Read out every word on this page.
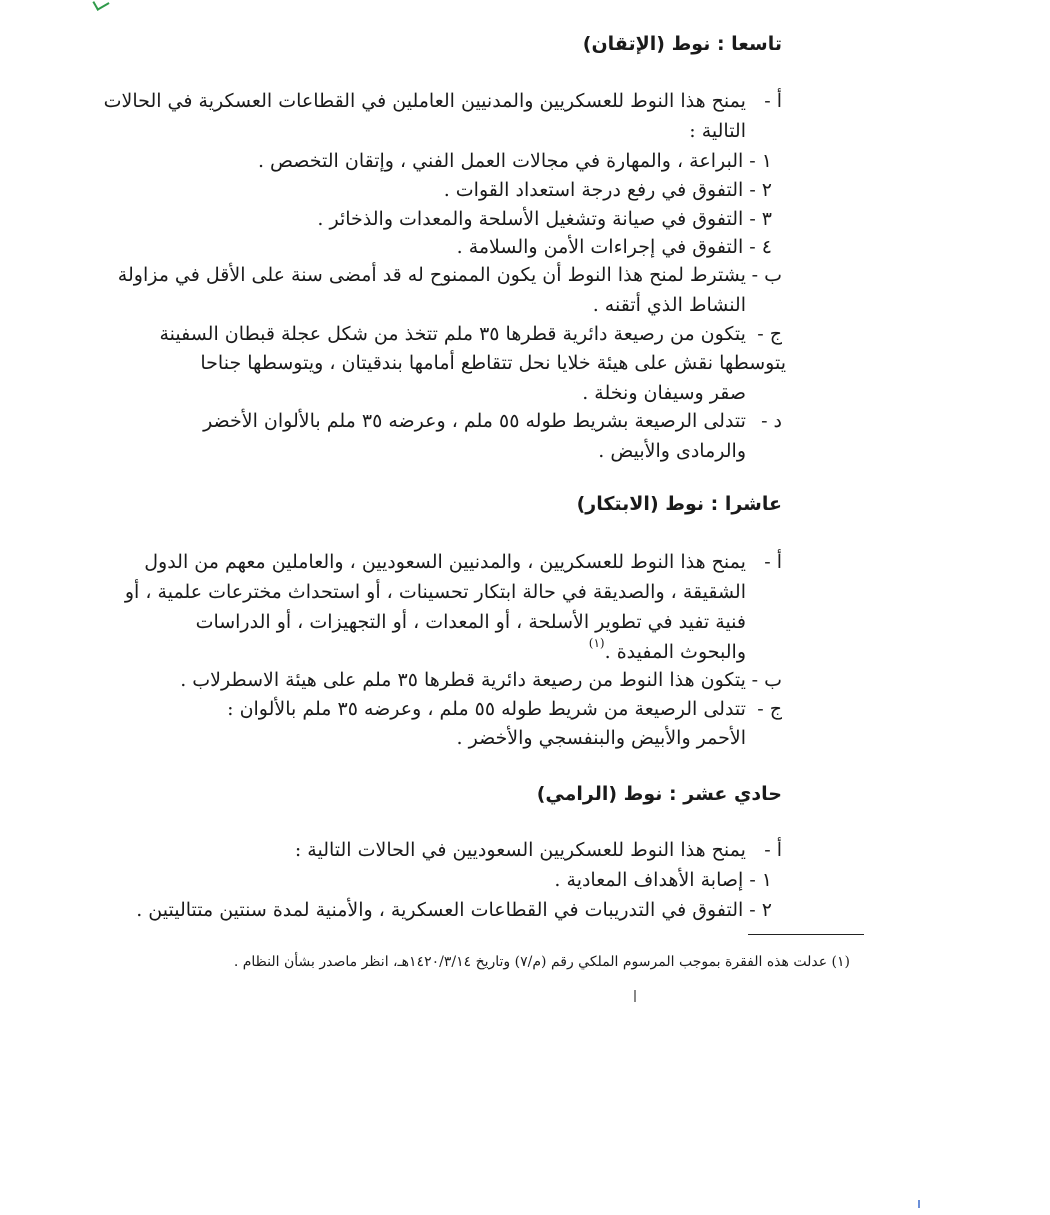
تاسعا : نوط (الإتقان)
أ - يمنح هذا النوط للعسكريين والمدنيين العاملين في القطاعات العسكرية في الحالات
التالية :
١ - البراعة ، والمهارة في مجالات العمل الفني ، وإتقان التخصص .
٢ - التفوق في رفع درجة استعداد القوات .
٣ - التفوق في صيانة وتشغيل الأسلحة والمعدات والذخائر .
٤ - التفوق في إجراءات الأمن والسلامة .
ب - يشترط لمنح هذا النوط أن يكون الممنوح له قد أمضى سنة على الأقل في مزاولة
النشاط الذي أتقنه .
ج - يتكون من رصيعة دائرية قطرها ٣٥ ملم تتخذ من شكل عجلة قبطان السفينة
يتوسطها نقش على هيئة خلايا نحل تتقاطع أمامها بندقيتان ، ويتوسطها جناحا
صقر وسيفان ونخلة .
د - تتدلى الرصيعة بشريط طوله ٥٥ ملم ، وعرضه ٣٥ ملم بالألوان الأخضر
والرمادى والأبيض .
عاشرا : نوط (الابتكار)
أ - يمنح هذا النوط للعسكريين ، والمدنيين السعوديين ، والعاملين معهم من الدول
الشقيقة ، والصديقة في حالة ابتكار تحسينات ، أو استحداث مخترعات علمية ، أو
فنية تفيد في تطوير الأسلحة ، أو المعدات ، أو التجهيزات ، أو الدراسات
والبحوث المفيدة .$^{(١)}$
ب - يتكون هذا النوط من رصيعة دائرية قطرها ٣٥ ملم على هيئة الاسطرلاب .
ج - تتدلى الرصيعة من شريط طوله ٥٥ ملم ، وعرضه ٣٥ ملم بالألوان :
الأحمر والأبيض والبنفسجي والأخضر .
حادي عشر : نوط (الرامي)
أ - يمنح هذا النوط للعسكريين السعوديين في الحالات التالية :
١ - إصابة الأهداف المعادية .
٢ - التفوق في التدريبات في القطاعات العسكرية ، والأمنية لمدة سنتين متتاليتين .
(١) عدلت هذه الفقرة بموجب المرسوم الملكي رقم (م/٧) وتاريخ ١٤٢٠/٣/١٤هـ، انظر ماصدر بشأن النظام .
